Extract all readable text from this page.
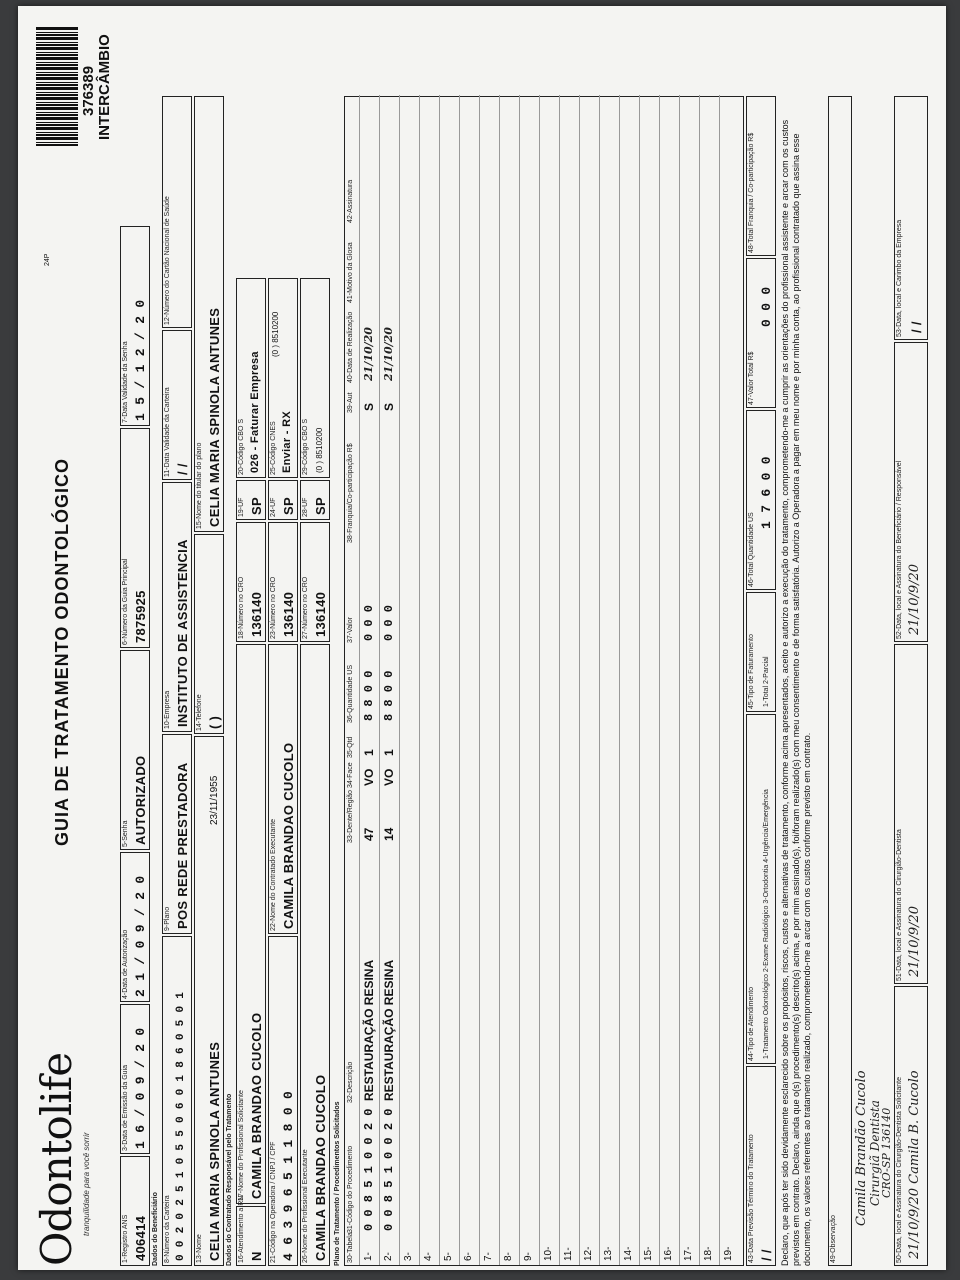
Odontolife tranquilidade para você sorrir
GUIA DE TRATAMENTO ODONTOLÓGICO
24P
376389 INTERCÂMBIO
1-Registro ANS 406414
3-Data de Emissão da Guia 1 6 / 0 9 / 2 0
4-Data de Autorização 2 1 / 0 9 / 2 0
5-Senha AUTORIZADO
6-Número da Guia Principal 7875925
7-Data Validade da Senha 1 5 / 1 2 / 2 0
Dados do Beneficiário 8-Número da Carteira 0 0 2 0 2 5 1 0 5 5 0 6 0 1 8 6 0 5 0 1
9-Plano POS REDE PRESTADORA
10-Empresa INSTITUTO DE ASSISTENCIA
11-Data Validade da Carteira / /
12-Número do Cartão Nacional de Saúde
13-Nome CELIA MARIA SPINOLA ANTUNES
23/11/1955
14-Telefone ( )
15-Nome do titular do plano CELIA MARIA SPINOLA ANTUNES
Dados do Contratado Responsável pelo Tratamento 16-Atendimento a RN N
17-Nome do Profissional Solicitante CAMILA BRANDAO CUCOLO
18-Número no CRO 136140
19-UF SP
20-Código CBO S 026 - Faturar Empresa
21-Código na Operadora / CNPJ / CPF 4 6 3 9 6 5 1 1 8 0 0
22-Nome do Contratado Executante CAMILA BRANDAO CUCOLO
23-Número no CRO 136140
24-UF SP
25-Código CNES Enviar - RX
(0 ) 8510200
26-Nome do Profissional Executante CAMILA BRANDAO CUCOLO
27-Número no CRO 136140
28-UF SP
29-Código CBO S (0 ) 8510200
Plano de Tratamento / Procedimentos Solicitados 30-Tabela
31-Código do Procedimento
32-Descrição
33-Dente/Região
34-Face
35-Qtd
36-Quantidade US
37-Valor
38-Franquia/Co-participação R$
39-Aut
40-Data de Realização
41-Motivo da Glosa
42-Assinatura
1-
0 0 8 5 1 0 0 2 0
RESTAURAÇÃO RESINA
47
VO
1
8 8 0 0
0 0 0
S
21/10/20
2-
0 0 8 5 1 0 0 2 0
RESTAURAÇÃO RESINA
14
VO
1
8 8 0 0
0 0 0
S
21/10/20
3- 4- 5- 6- 7- 8- 9- 10- 11- 12- 13- 14- 15- 16- 17- 18- 19- 43-Data Previsão Término do Tratamento / /
44-Tipo de Atendimento 1-Tratamento Odontológico 2-Exame Radiológico 3-Ortodontia 4-Urgência/Emergência
45-Tipo de Faturamento 1-Total 2-Parcial
46-Total Quantidade US
1 7 6 0 0
47-Valor Total R$
0 0 0
48-Total Franquia / Co-participação R$	Declaro, que após ter sido devidamente esclarecido sobre os propósitos, riscos, custos e alternativas de tratamento, conforme acima apresentados, aceito e autorizo a execução do tratamento, comprometendo-me a cumprir as orientações do profissional assistente e arcar com os custos previstos em contrato. Declaro, ainda que o(s) procedimento(s) descrito(s) acima, e por mim assinado(s), foi/foram realizado(s) com meu consentimento e de forma satisfatória. Autorizo a Operadora a pagar em meu nome e por minha conta, ao profissional contratado que assina esse documento, os valores referentes ao tratamento realizado, comprometendo-me a arcar com os custos conforme previsto em contrato.	49-Observação
Camila Brandão Cucolo Cirurgiã Dentista
CRO-SP 136140 50-Data, local e Assinatura do Cirurgião-Dentista Solicitante 21/10/9/20 Camila B. Cucolo
51-Data, local e Assinatura do Cirurgião-Dentista 21/10/9/20
52-Data, local e Assinatura do Beneficiário / Responsável 21/10/9/20
53-Data, local e Carimbo da Empresa / /
